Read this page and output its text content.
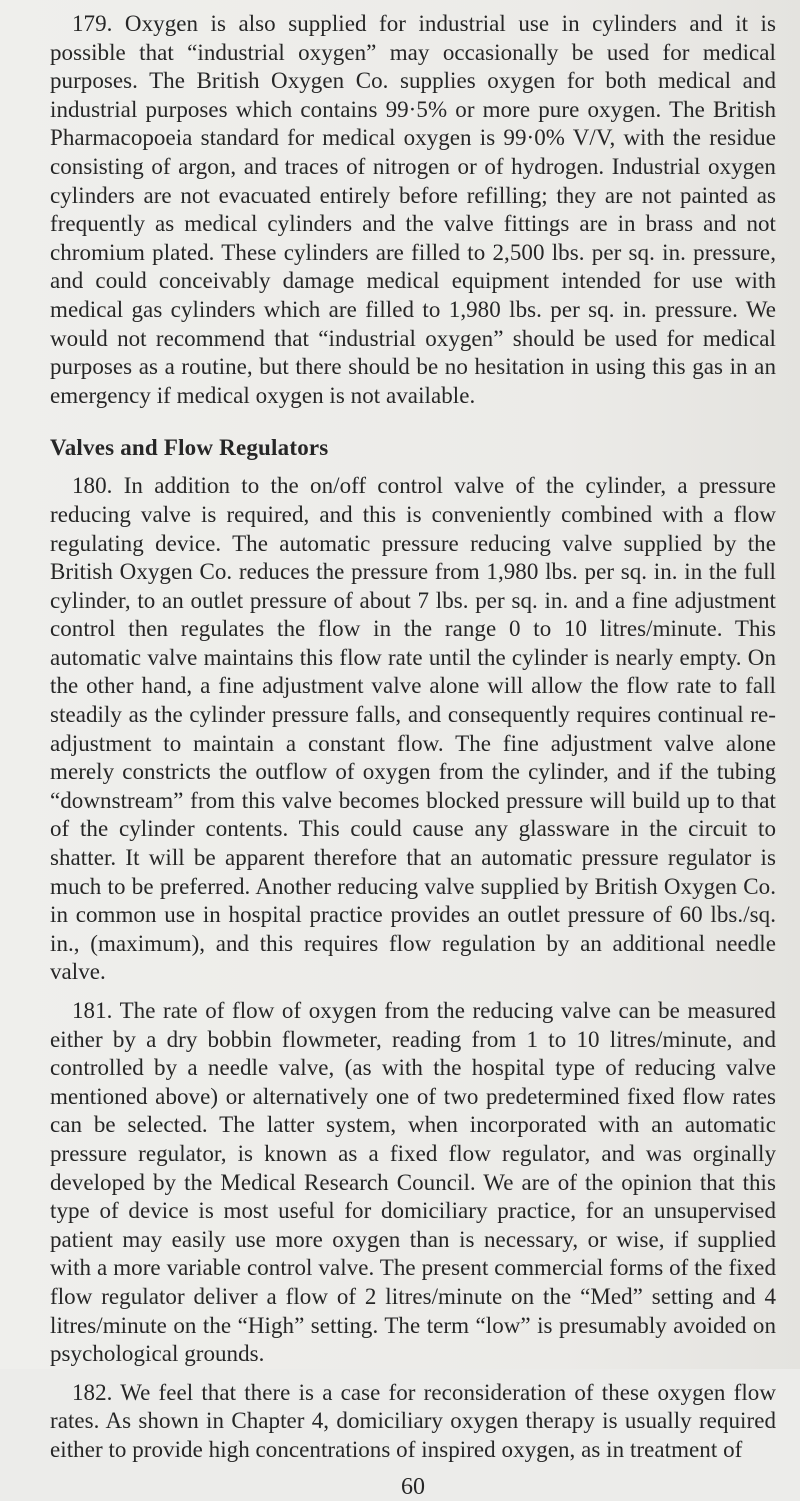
179. Oxygen is also supplied for industrial use in cylinders and it is possible that “industrial oxygen” may occasionally be used for medical purposes. The British Oxygen Co. supplies oxygen for both medical and industrial purposes which contains 99·5% or more pure oxygen. The British Pharmacopoeia standard for medical oxygen is 99·0% V/V, with the residue consisting of argon, and traces of nitrogen or of hydrogen. Industrial oxygen cylinders are not evacuated entirely before refilling; they are not painted as frequently as medical cylinders and the valve fittings are in brass and not chromium plated. These cylinders are filled to 2,500 lbs. per sq. in. pressure, and could conceivably damage medical equipment intended for use with medical gas cylinders which are filled to 1,980 lbs. per sq. in. pressure. We would not recommend that “industrial oxygen” should be used for medical purposes as a routine, but there should be no hesitation in using this gas in an emergency if medical oxygen is not available.

Valves and Flow Regulators

180. In addition to the on/off control valve of the cylinder, a pressure reducing valve is required, and this is conveniently combined with a flow regulating device. The automatic pressure reducing valve supplied by the British Oxygen Co. reduces the pressure from 1,980 lbs. per sq. in. in the full cylinder, to an outlet pressure of about 7 lbs. per sq. in. and a fine adjustment control then regulates the flow in the range 0 to 10 litres/minute. This automatic valve maintains this flow rate until the cylinder is nearly empty. On the other hand, a fine adjustment valve alone will allow the flow rate to fall steadily as the cylinder pressure falls, and consequently requires continual re-adjustment to maintain a constant flow. The fine adjustment valve alone merely constricts the outflow of oxygen from the cylinder, and if the tubing “downstream” from this valve becomes blocked pressure will build up to that of the cylinder contents. This could cause any glassware in the circuit to shatter. It will be apparent therefore that an automatic pressure regulator is much to be preferred. Another reducing valve supplied by British Oxygen Co. in common use in hospital practice provides an outlet pressure of 60 lbs./sq. in., (maximum), and this requires flow regulation by an additional needle valve.

181. The rate of flow of oxygen from the reducing valve can be measured either by a dry bobbin flowmeter, reading from 1 to 10 litres/minute, and controlled by a needle valve, (as with the hospital type of reducing valve mentioned above) or alternatively one of two predetermined fixed flow rates can be selected. The latter system, when incorporated with an automatic pressure regulator, is known as a fixed flow regulator, and was orginally developed by the Medical Research Council. We are of the opinion that this type of device is most useful for domiciliary practice, for an unsupervised patient may easily use more oxygen than is necessary, or wise, if supplied with a more variable control valve. The present commercial forms of the fixed flow regulator deliver a flow of 2 litres/minute on the “Med” setting and 4 litres/minute on the “High” setting. The term “low” is presumably avoided on psychological grounds.

182. We feel that there is a case for reconsideration of these oxygen flow rates. As shown in Chapter 4, domiciliary oxygen therapy is usually required either to provide high concentrations of inspired oxygen, as in treatment of

60
